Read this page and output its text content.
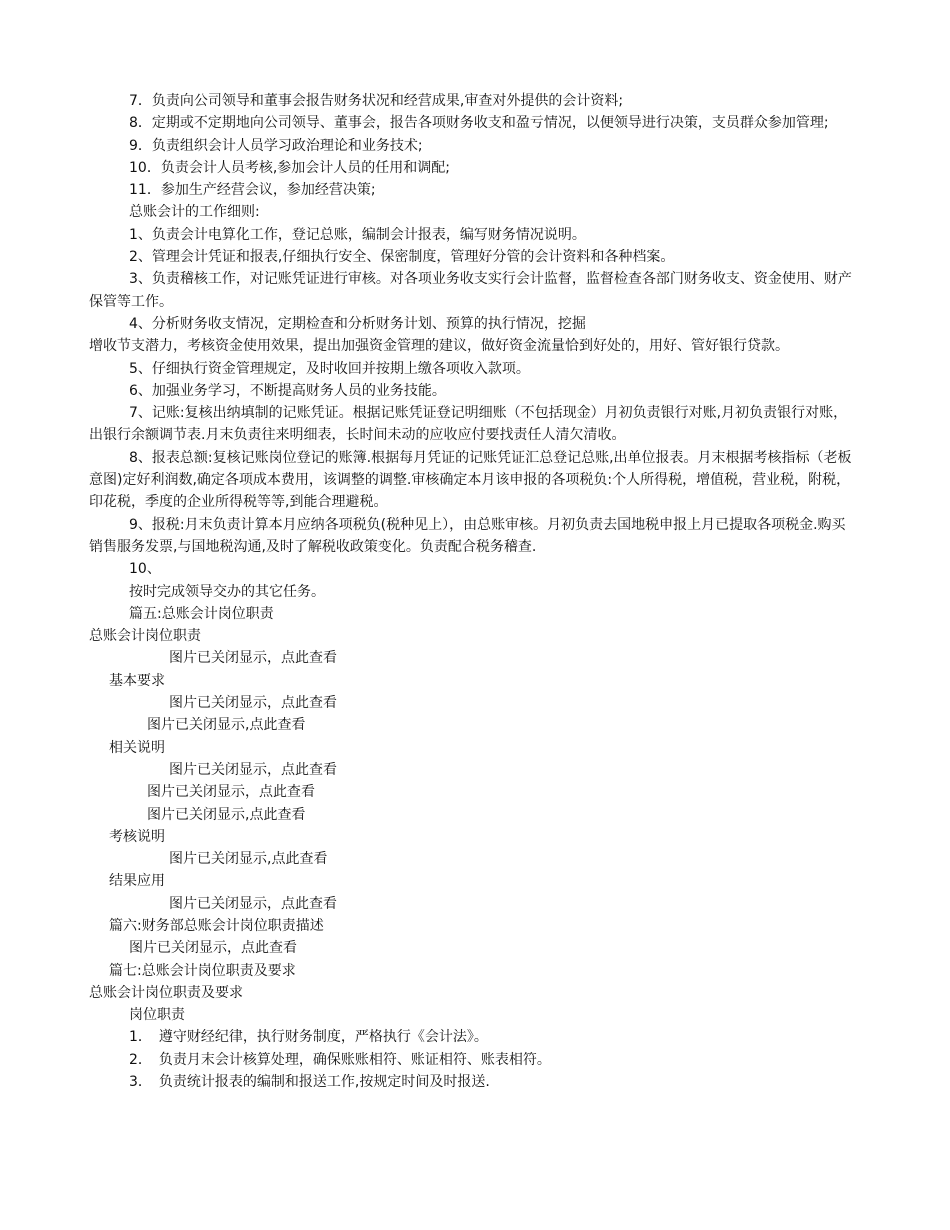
7．负责向公司领导和董事会报告财务状况和经营成果,审查对外提供的会计资料;
8．定期或不定期地向公司领导、董事会，报告各项财务收支和盈亏情况，以便领导进行决策，支员群众参加管理;
9．负责组织会计人员学习政治理论和业务技术;
10．负责会计人员考核,参加会计人员的任用和调配;
11．参加生产经营会议，参加经营决策;
总账会计的工作细则:
1、负责会计电算化工作，登记总账，编制会计报表，编写财务情况说明。
2、管理会计凭证和报表,仔细执行安全、保密制度，管理好分管的会计资料和各种档案。
3、负责稽核工作，对记账凭证进行审核。对各项业务收支实行会计监督，监督检查各部门财务收支、资金使用、财产保管等工作。
4、分析财务收支情况，定期检查和分析财务计划、预算的执行情况，挖掘
增收节支潜力，考核资金使用效果，提出加强资金管理的建议，做好资金流量恰到好处的，用好、管好银行贷款。
5、仔细执行资金管理规定，及时收回并按期上缴各项收入款项。
6、加强业务学习，不断提高财务人员的业务技能。
7、记账:复核出纳填制的记账凭证。根据记账凭证登记明细账（不包括现金）月初负责银行对账,月初负责银行对账，出银行余额调节表.月末负责往来明细表，长时间未动的应收应付要找责任人清欠清收。
8、报表总额:复核记账岗位登记的账簿.根据每月凭证的记账凭证汇总登记总账,出单位报表。月末根据考核指标（老板意图)定好利润数,确定各项成本费用，该调整的调整.审核确定本月该申报的各项税负:个人所得税，增值税，营业税，附税，印花税，季度的企业所得税等等,到能合理避税。
9、报税:月末负责计算本月应纳各项税负(税种见上），由总账审核。月初负责去国地税申报上月已提取各项税金.购买销售服务发票,与国地税沟通,及时了解税收政策变化。负责配合税务稽查.
10、
按时完成领导交办的其它任务。
篇五:总账会计岗位职责
总账会计岗位职责
图片已关闭显示，点此查看
基本要求
图片已关闭显示，点此查看
图片已关闭显示,点此查看
相关说明
图片已关闭显示，点此查看
图片已关闭显示，点此查看
图片已关闭显示,点此查看
考核说明
图片已关闭显示,点此查看
结果应用
图片已关闭显示，点此查看
篇六:财务部总账会计岗位职责描述
图片已关闭显示，点此查看
篇七:总账会计岗位职责及要求
总账会计岗位职责及要求
岗位职责
1．　遵守财经纪律，执行财务制度，严格执行《会计法》。
2．　负责月末会计核算处理，确保账账相符、账证相符、账表相符。
3．　负责统计报表的编制和报送工作,按规定时间及时报送.
